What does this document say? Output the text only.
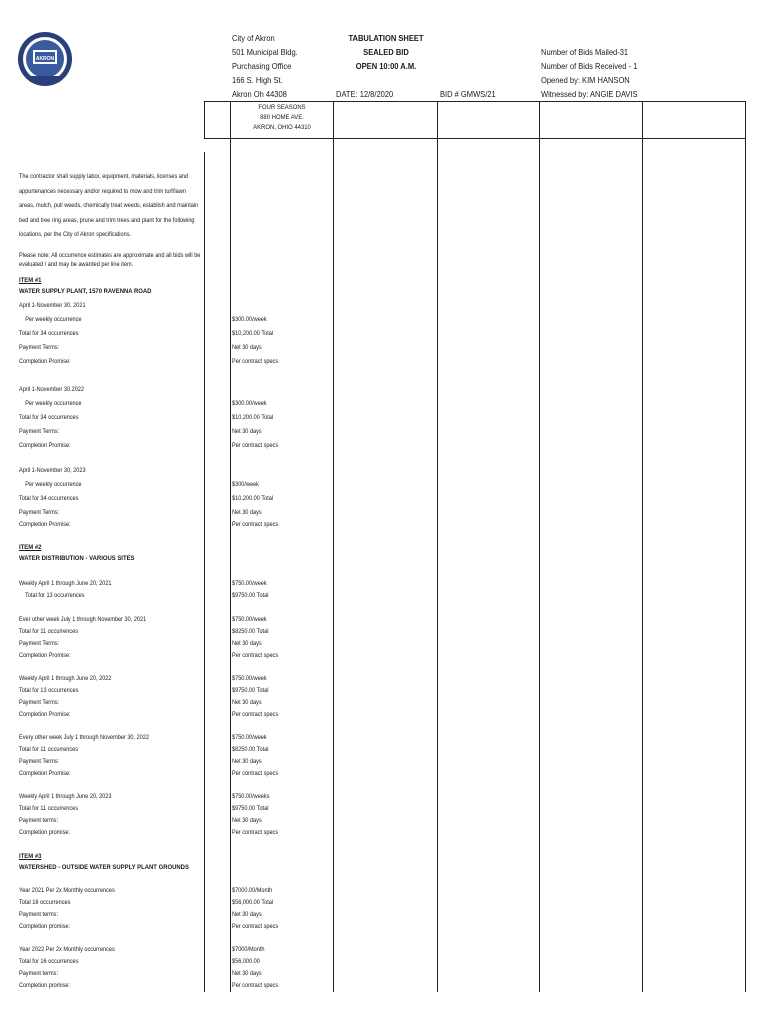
AKRON
City of Akron
501 Municipal Bldg.
Purchasing Office
166 S. High St.
Akron Oh 44308
TABULATION SHEET
SEALED BID
OPEN 10:00 A.M.
DATE: 12/8/2020	BID # GMWS/21
Number of Bids Mailed-31
Number of Bids Received - 1
Opened by: KIM HANSON
Witnessed by: ANGIE DAVIS
FOUR SEASONS
880 HOME AVE.
AKRON, OHIO 44310
The contractor shall supply labor, equipment, materials, licenses and
appurtenances necessary and/or required to mow and trim turf/lawn
areas, mulch, pull weeds, chemically treat weeds, establish and maintain
bed and tree ring areas, prune and trim trees and plant for the following
locations, per the City of Akron specifications.
Please note: All occurrence estimates are approximate and all bids will be
evaluated / and may be awarded per line item.
ITEM #1
WATER SUPPLY PLANT, 1570 RAVENNA ROAD
ITEM #2
WATER DISTRIBUTION - VARIOUS SITES
ITEM #3
WATERSHED - OUTSIDE WATER SUPPLY PLANT GROUNDS
April 1-November 30, 2021
Per weekly occurrence	$300.00/week
Total for 34 occurrences	$10,200.00 Total
Payment Terms:	Net 30 days
Completion Promise:	Per contract specs
April 1-November 30.2022
Per weekly occurrence	$300.00/week
Total for 34 occurrences	$10,200.00 Total
Payment Terms:	Net 30 days
Completion Promise:	Per contract specs
April 1-November 30, 2023
Per weekly occurrence	$300/week
Total for 34 occurrences	$10,200.00 Total
Payment Terms:	Net 30 days
Completion Promise:	Per contract specs
Weekly April 1 through June 20, 2021	$750.00/week
Total for 13 occurrences	$9750.00 Total
Ever other week July 1 through November 30, 2021	$750.00/week
Total for 11 occurrences	$8250.00 Total
Payment Terms:	Net 30 days
Completion Promise:	Per contract specs
Weekly April 1 through June 20, 2022	$750.00/week
Total for 13 occurrences	$9750.00 Total
Payment Terms:	Net 30 days
Completion Promise:	Per contract specs
Every other week July 1 through November 30, 2022	$750.00/week
Total for 11 occurrences	$8250.00 Total
Payment Terms:	Net 30 days
Completion Promise:	Per contract specs
Weekly April 1 through June 20, 2023	$750.00/weeks
Total for 11 occurrences	$9750.00 Total
Payment terms:	Net 30 days
Completion promise:	Per contract specs
Year 2021 Per 2x Monthly occurrences	$7000.00/Month
Total 16 occurrences	$56,000.00 Total
Payment terms:	Net 30 days
Completion promise:	Per contract specs
Year 2022 Per 2x Monthly occurrences	$7000/Month
Total for 16 occurrences	$56,000.00
Payment terms:	Net 30 days
Completion promise:	Per contract specs
